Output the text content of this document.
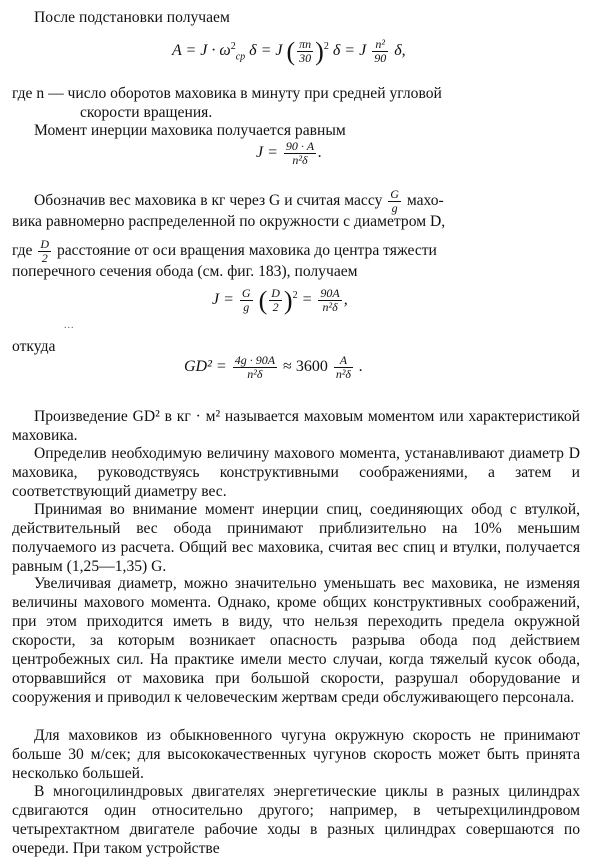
После подстановки получаем

$A = J \cdot \omega^2_{ср}$ δ = J ( $\frac{\pi n}{30} )^2$ δ = J $\frac{\text{n²}}{90} \delta$,

где n — число оборотов маховика в минуту при средней угловой

скорости вращения.

Момент инерции маховика получается равным

$J = \frac{90 \cdot A}{\text{n²δ}}$ .

Обозначив вес маховика в кг через G и считая массу $\frac{G}{g}$ махо-

вика равномерно распределенной по окружности с диаметром D,

где $\frac{D}{2}$ расстояние от оси вращения маховика до центра тяжести

поперечного сечения обода (см. фиг. 183), получаем

$J = \frac{G}{g}$ ( $\frac{D}{2} )^2 = \frac{90A}{\text{n²δ}}$ ,
...

откуда

$GD^2 = \frac{4g \cdot 90A}{\text{n²δ}} \approx 3600 \frac{A}{\text{n²δ}}$ .

Произведение GD² в кг · м² называется маховым моментом или характеристикой маховика.

Определив необходимую величину махового момента, устанавливают диаметр D маховика, руководствуясь конструктивными соображениями, а затем и соответствующий диаметру вес.

Принимая во внимание момент инерции спиц, соединяющих обод с втулкой, действительный вес обода принимают приблизительно на 10% меньшим получаемого из расчета. Общий вес маховика, считая вес спиц и втулки, получается равным (1,25—1,35) G.

Увеличивая диаметр, можно значительно уменьшать вес маховика, не изменяя величины махового момента. Однако, кроме общих конструктивных соображений, при этом приходится иметь в виду, что нельзя переходить предела окружной скорости, за которым возникает опасность разрыва обода под действием центробежных сил. На практике имели место случаи, когда тяжелый кусок обода, оторвавшийся от маховика при большой скорости, разрушал оборудование и сооружения и приводил к человеческим жертвам среди обслуживающего персонала.

Для маховиков из обыкновенного чугуна окружную скорость не принимают больше 30 м/сек; для высококачественных чугунов скорость может быть принята несколько большей.

В многоцилиндровых двигателях энергетические циклы в разных цилиндрах сдвигаются один относительно другого; например, в четырехцилиндровом четырехтактном двигателе рабочие ходы в разных цилиндрах совершаются по очереди. При таком устройстве
